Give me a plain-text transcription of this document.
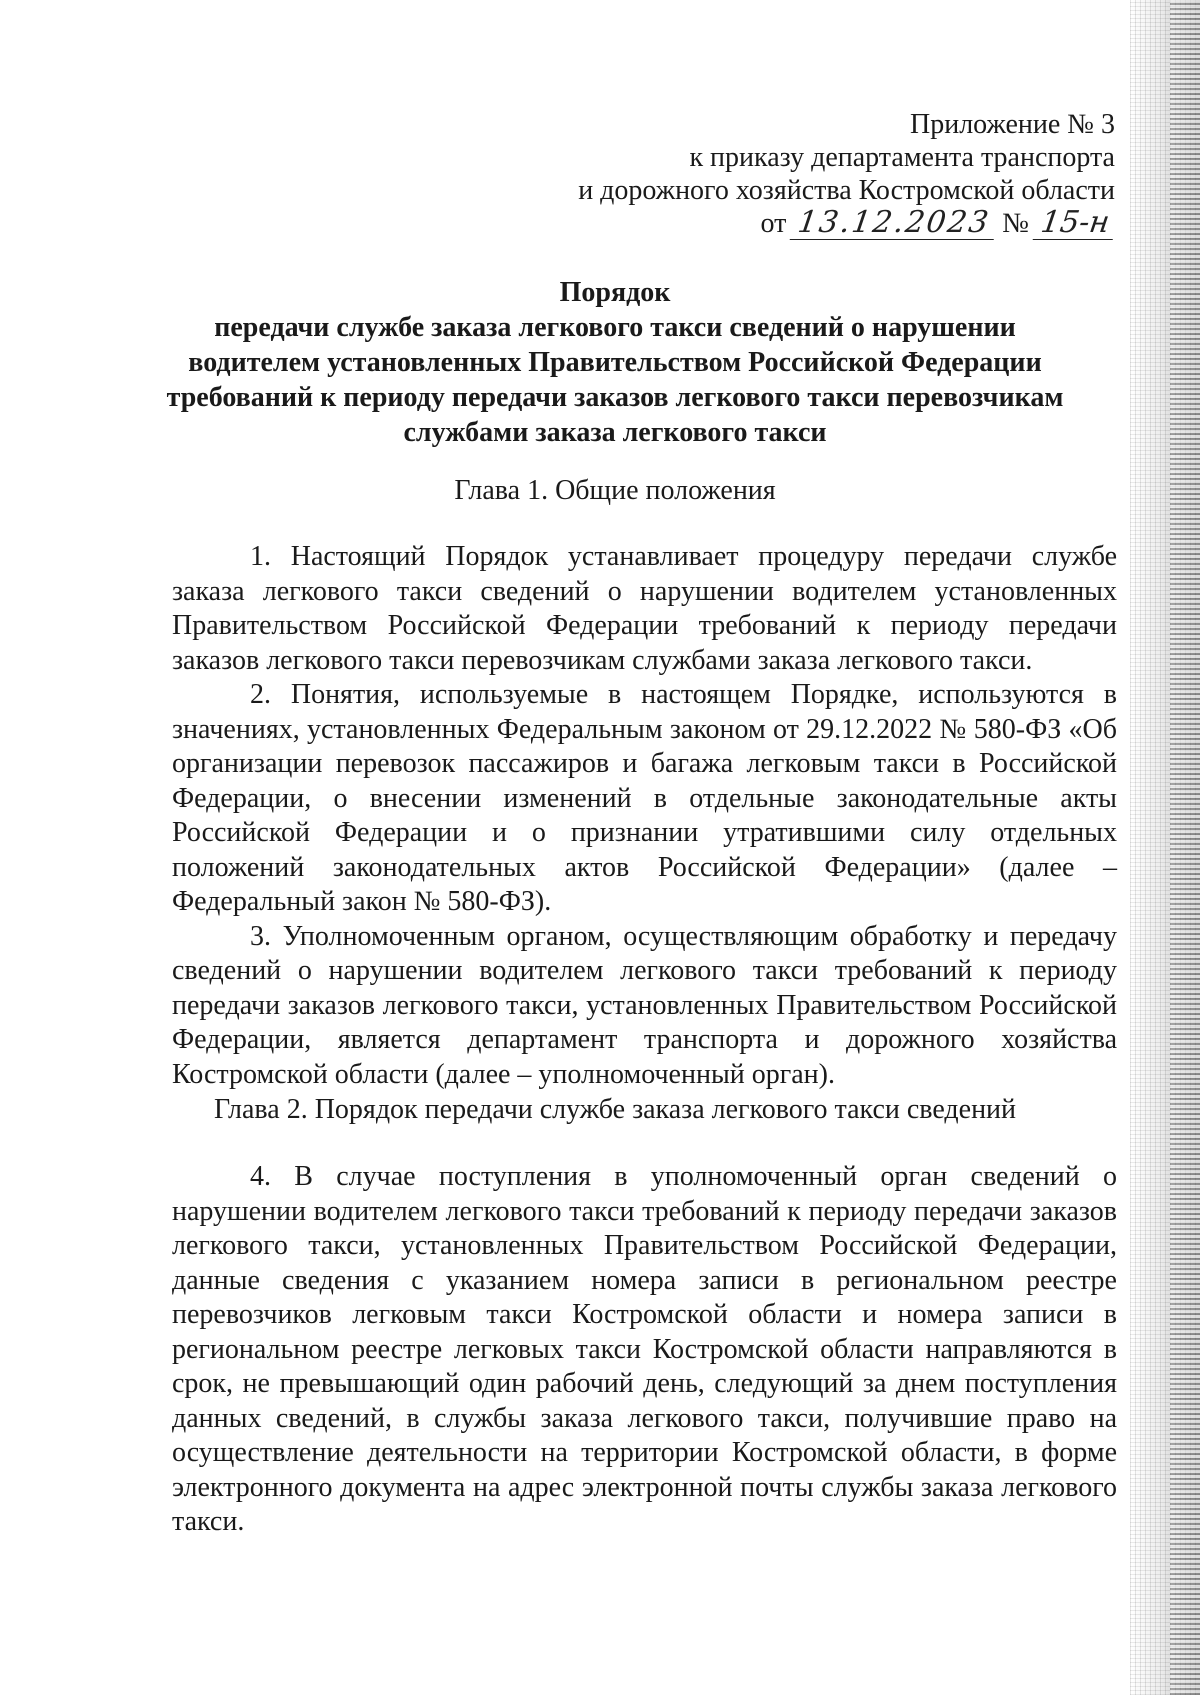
Приложение № 3
к приказу департамента транспорта
и дорожного хозяйства Костромской области
от 13.12.2023 № 15-н
Порядок
передачи службе заказа легкового такси сведений о нарушении
водителем установленных Правительством Российской Федерации
требований к периоду передачи заказов легкового такси перевозчикам
службами заказа легкового такси
Глава 1. Общие положения

1. Настоящий Порядок устанавливает процедуру передачи службе заказа легкового такси сведений о нарушении водителем установленных Правительством Российской Федерации требований к периоду передачи заказов легкового такси перевозчикам службами заказа легкового такси.

2. Понятия, используемые в настоящем Порядке, используются в значениях, установленных Федеральным законом от 29.12.2022 № 580-ФЗ «Об организации перевозок пассажиров и багажа легковым такси в Российской Федерации, о внесении изменений в отдельные законодательные акты Российской Федерации и о признании утратившими силу отдельных положений законодательных актов Российской Федерации» (далее – Федеральный закон № 580-ФЗ).

3. Уполномоченным органом, осуществляющим обработку и передачу сведений о нарушении водителем легкового такси требований к периоду передачи заказов легкового такси, установленных Правительством Российской Федерации, является департамент транспорта и дорожного хозяйства Костромской области (далее – уполномоченный орган).

Глава 2. Порядок передачи службе заказа легкового такси сведений

4. В случае поступления в уполномоченный орган сведений о нарушении водителем легкового такси требований к периоду передачи заказов легкового такси, установленных Правительством Российской Федерации, данные сведения с указанием номера записи в региональном реестре перевозчиков легковым такси Костромской области и номера записи в региональном реестре легковых такси Костромской области направляются в срок, не превышающий один рабочий день, следующий за днем поступления данных сведений, в службы заказа легкового такси, получившие право на осуществление деятельности на территории Костромской области, в форме электронного документа на адрес электронной почты службы заказа легкового такси.
